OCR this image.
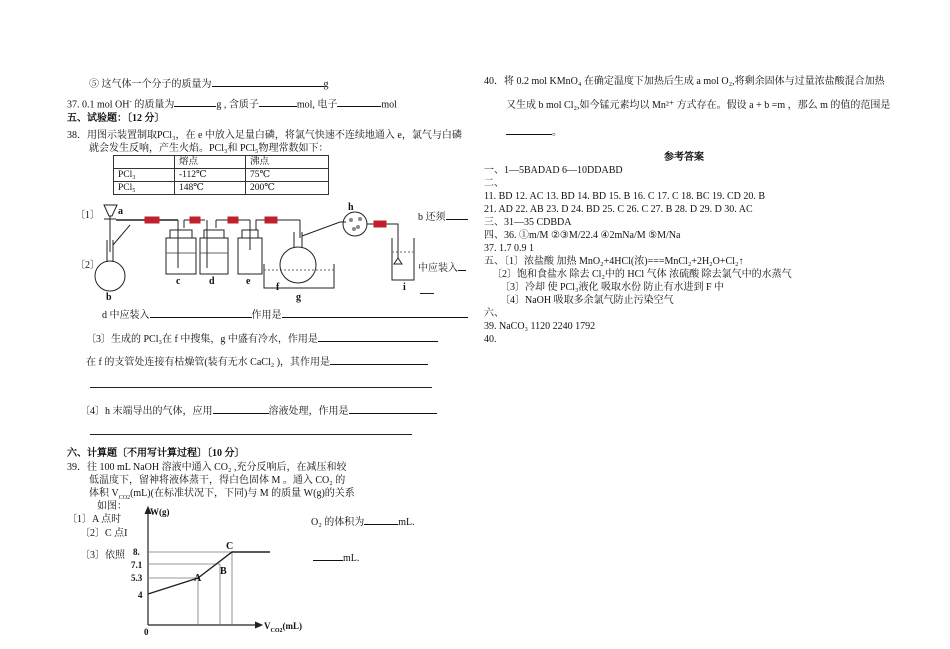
⑤ 这气体一个分子的质量为	g
37. 0.1 mol OH- 的质量为	g , 含质子	mol, 电子	mol
五、试验题：〔12 分〕
38．用图示装置制取PCl₃，在 e 中放入足量白磷，将氯气快速不连续地通入 e，氯气与白磷
就会发生反响，产生火焰。PCl₃和 PCl₅物理常数如下：
	熔点	沸点
PCl₃	-112℃	75℃
PCl₅	148℃	200℃
〔1〕	b 还须
〔2〕	中应装入
a
b
c	d	e
f
g
h
i
d 中应装入	作用是
〔3〕生成的 PCl₃在 f 中搜集，g 中盛有冷水，作用是
在 f 的支管处连接有枯燥管(装有无水 CaCl₂ )，其作用是
〔4〕h 末端导出的气体，应用	溶液处理，作用是
六、计算题〔不用写计算过程〕〔10 分〕
39．往 100 mL NaOH 溶液中通入 CO₂ ,充分反响后，在减压和较
低温度下，留神将液体蒸干，得白色固体 M 。通入 CO₂ 的
体积 $V_{CO2}(mL)$(在标准状况下，下同)与 M 的质量 W(g)的关系
如图：
〔1〕A 点时	O₂ 的体积为	mL.
〔2〕C 点I
〔3〕依照	mL.
W(g)
$V_{CO2}(mL)$
0
8.
7.1
5.3
4
A
B
C
40．将 0.2 mol KMnO₄ 在确定温度下加热后生成 a mol O₂,将剩余固体与过量浓盐酸混合加热
又生成 b mol Cl₂,如今锰元素均以 Mn²⁺ 方式存在。假设 a + b =m ，那么 m 的值的范围是
。
参考答案
一、1—5BADAD 6—10DDABD
二、
11. BD 12. AC 13. BD 14. BD 15. B 16. C 17. C 18. BC 19. CD 20. B
21. AD 22. AB 23. D 24. BD 25. C 26. C 27. B 28. D 29. D 30. AC
三、31—35 CDBDA
四、36. ①m/M ②③M/22.4 ④2mNa/M ⑤M/Na
37. 1.7 0.9 1
五、〔1〕浓盐酸 加热 MnO₂+4HCl(浓)===MnCl₂+2H₂O+Cl₂↑
〔2〕饱和食盐水 除去 Cl₂中的 HCl 气体 浓硫酸 除去氯气中的水蒸气
〔3〕冷却 使 PCl₃液化 吸取水份 防止有水进到 F 中
〔4〕NaOH 吸取多余氯气防止污染空气
六、
39. NaCO₃ 1120 2240 1792
40.
